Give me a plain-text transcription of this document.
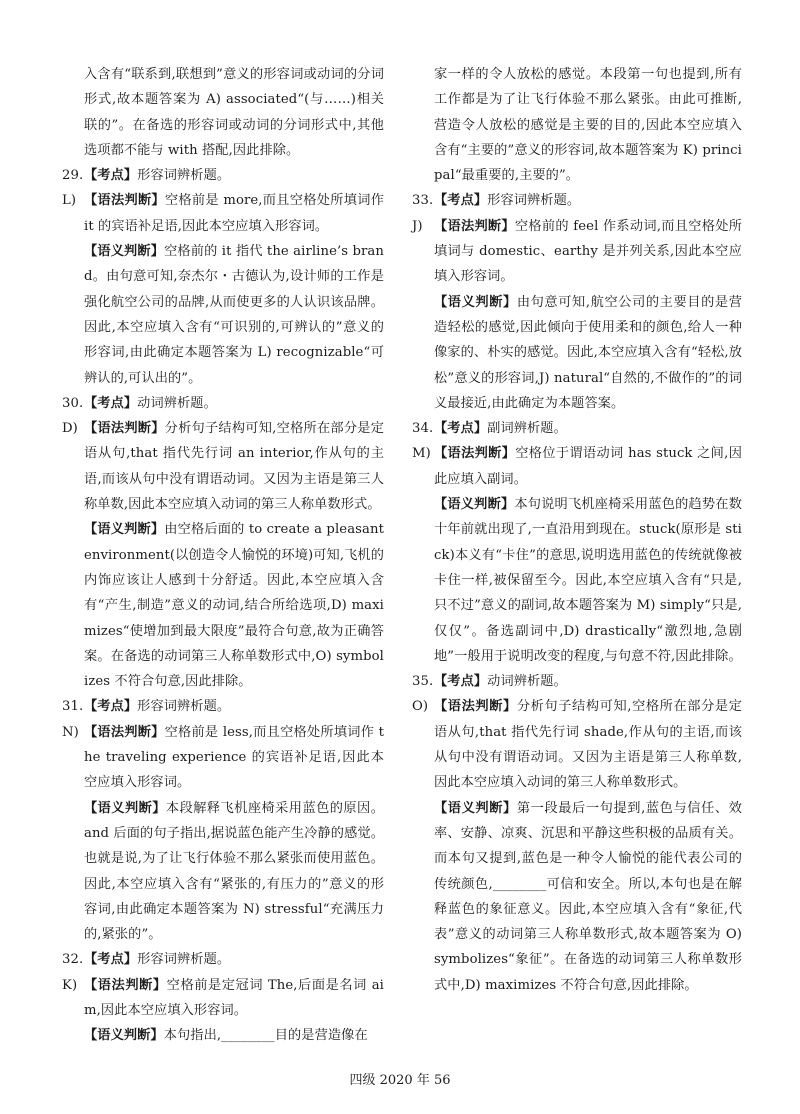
入含有“联系到,联想到”意义的形容词或动词的分词形式,故本题答案为 A) associated“(与……)相关联的”。在备选的形容词或动词的分词形式中,其他选项都不能与 with 搭配,因此排除。
29. 【考点】形容词辨析题。
L) 【语法判断】空格前是 more,而且空格处所填词作 it 的宾语补足语,因此本空应填入形容词。
【语义判断】空格前的 it 指代 the airline’s brand。由句意可知,奈杰尔・古德认为,设计师的工作是强化航空公司的品牌,从而使更多的人认识该品牌。因此,本空应填入含有“可识别的,可辨认的”意义的形容词,由此确定本题答案为 L) recognizable“可辨认的,可认出的”。
30. 【考点】动词辨析题。
D) 【语法判断】分析句子结构可知,空格所在部分是定语从句,that 指代先行词 an interior,作从句的主语,而该从句中没有谓语动词。又因为主语是第三人称单数,因此本空应填入动词的第三人称单数形式。
【语义判断】由空格后面的 to create a pleasant environment(以创造令人愉悦的环境)可知,飞机的内饰应该让人感到十分舒适。因此,本空应填入含有“产生,制造”意义的动词,结合所给选项,D) maximizes“使增加到最大限度”最符合句意,故为正确答案。在备选的动词第三人称单数形式中,O) symbolizes 不符合句意,因此排除。
31. 【考点】形容词辨析题。
N) 【语法判断】空格前是 less,而且空格处所填词作 the traveling experience 的宾语补足语,因此本空应填入形容词。
【语义判断】本段解释飞机座椅采用蓝色的原因。and 后面的句子指出,据说蓝色能产生冷静的感觉。也就是说,为了让飞行体验不那么紧张而使用蓝色。因此,本空应填入含有“紧张的,有压力的”意义的形容词,由此确定本题答案为 N) stressful“充满压力的,紧张的”。
32. 【考点】形容词辨析题。
K) 【语法判断】空格前是定冠词 The,后面是名词 aim,因此本空应填入形容词。
【语义判断】本句指出,________目的是营造像在
家一样的令人放松的感觉。本段第一句也提到,所有工作都是为了让飞行体验不那么紧张。由此可推断,营造令人放松的感觉是主要的目的,因此本空应填入含有“主要的”意义的形容词,故本题答案为 K) principal“最重要的,主要的”。
33. 【考点】形容词辨析题。
J) 【语法判断】空格前的 feel 作系动词,而且空格处所填词与 domestic、earthy 是并列关系,因此本空应填入形容词。
【语义判断】由句意可知,航空公司的主要目的是营造轻松的感觉,因此倾向于使用柔和的颜色,给人一种像家的、朴实的感觉。因此,本空应填入含有“轻松,放松”意义的形容词,J) natural“自然的,不做作的”的词义最接近,由此确定为本题答案。
34. 【考点】副词辨析题。
M) 【语法判断】空格位于谓语动词 has stuck 之间,因此应填入副词。
【语义判断】本句说明飞机座椅采用蓝色的趋势在数十年前就出现了,一直沿用到现在。stuck(原形是 stick)本义有“卡住”的意思,说明选用蓝色的传统就像被卡住一样,被保留至今。因此,本空应填入含有“只是,只不过”意义的副词,故本题答案为 M) simply“只是,仅仅”。备选副词中,D) drastically“激烈地,急剧地”一般用于说明改变的程度,与句意不符,因此排除。
35. 【考点】动词辨析题。
O) 【语法判断】分析句子结构可知,空格所在部分是定语从句,that 指代先行词 shade,作从句的主语,而该从句中没有谓语动词。又因为主语是第三人称单数,因此本空应填入动词的第三人称单数形式。
【语义判断】第一段最后一句提到,蓝色与信任、效率、安静、凉爽、沉思和平静这些积极的品质有关。而本句又提到,蓝色是一种令人愉悦的能代表公司的传统颜色,________可信和安全。所以,本句也是在解释蓝色的象征意义。因此,本空应填入含有“象征,代表”意义的动词第三人称单数形式,故本题答案为 O) symbolizes“象征”。在备选的动词第三人称单数形式中,D) maximizes 不符合句意,因此排除。
四级 2020 年 56
